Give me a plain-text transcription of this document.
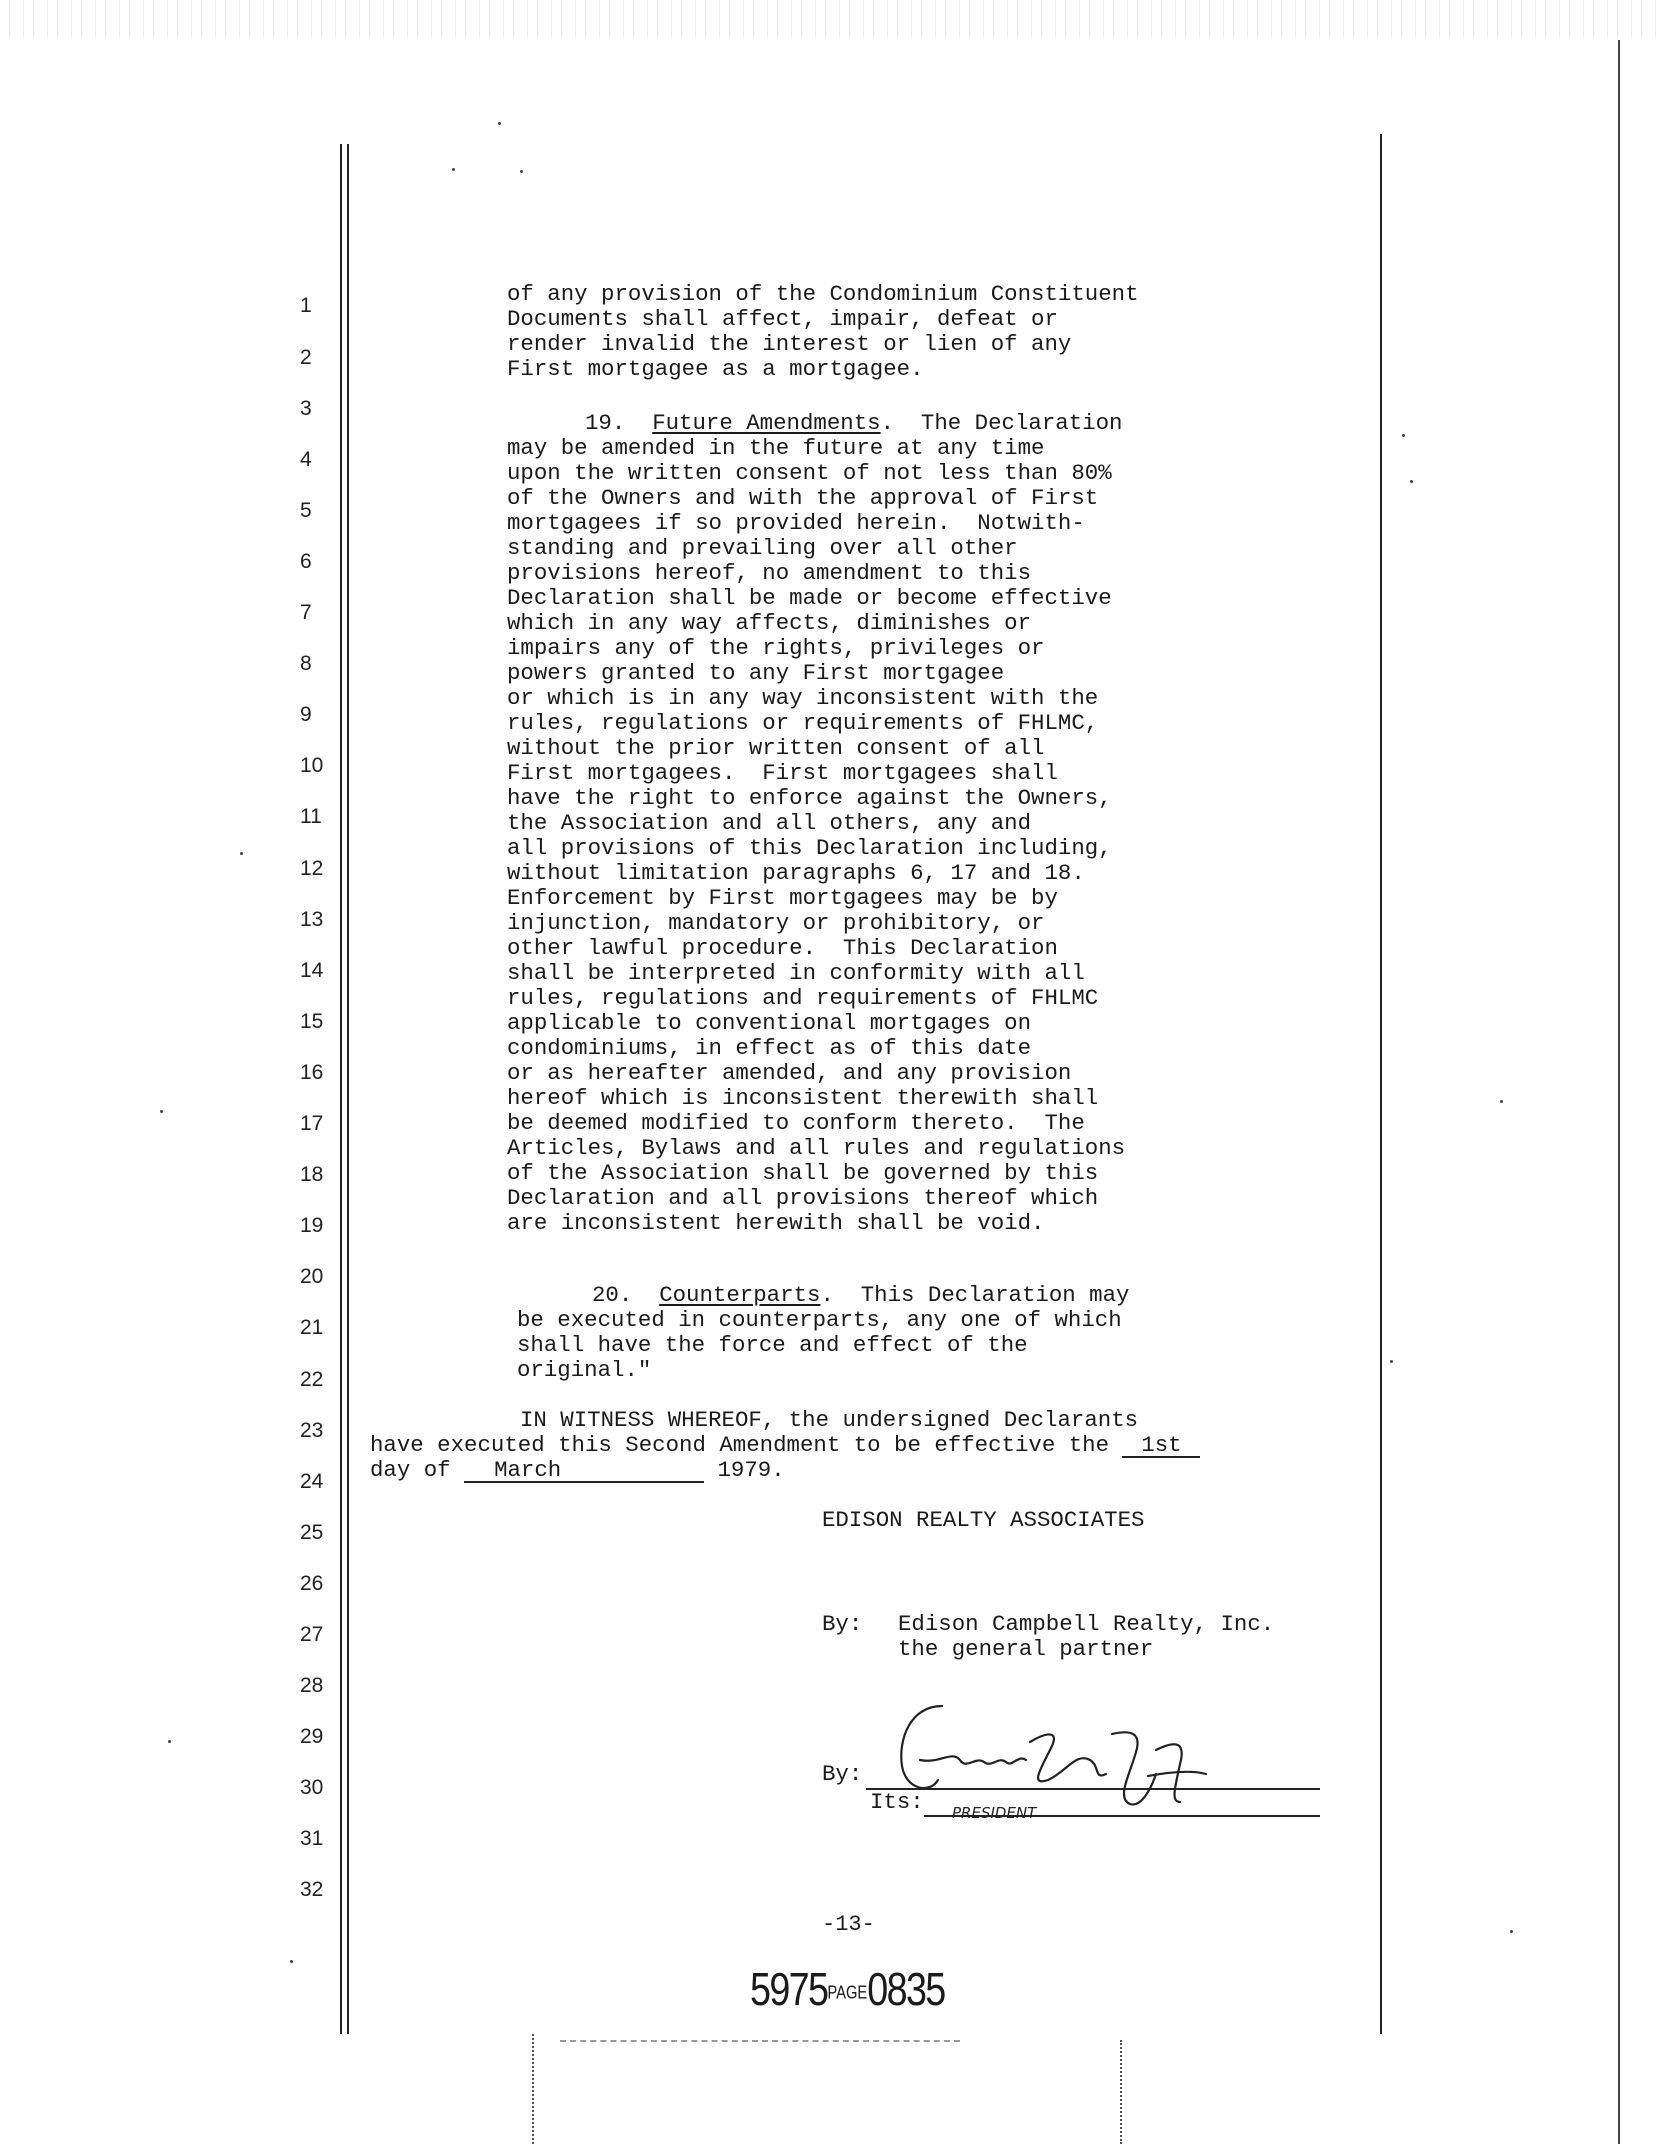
1
2
3
4
5
6
7
8
9
10
11
12
13
14
15
16
17
18
19
20
21
22
23
24
25
26
27
28
29
30
31
32
of any provision of the Condominium Constituent
Documents shall affect, impair, defeat or
render invalid the interest or lien of any
First mortgagee as a mortgagee.
19. Future Amendments.  The Declaration
may be amended in the future at any time
upon the written consent of not less than 80%
of the Owners and with the approval of First
mortgagees if so provided herein.  Notwith-
standing and prevailing over all other
provisions hereof, no amendment to this
Declaration shall be made or become effective
which in any way affects, diminishes or
impairs any of the rights, privileges or
powers granted to any First mortgagee
or which is in any way inconsistent with the
rules, regulations or requirements of FHLMC,
without the prior written consent of all
First mortgagees.  First mortgagees shall
have the right to enforce against the Owners,
the Association and all others, any and
all provisions of this Declaration including,
without limitation paragraphs 6, 17 and 18.
Enforcement by First mortgagees may be by
injunction, mandatory or prohibitory, or
other lawful procedure.  This Declaration
shall be interpreted in conformity with all
rules, regulations and requirements of FHLMC
applicable to conventional mortgages on
condominiums, in effect as of this date
or as hereafter amended, and any provision
hereof which is inconsistent therewith shall
be deemed modified to conform thereto.  The
Articles, Bylaws and all rules and regulations
of the Association shall be governed by this
Declaration and all provisions thereof which
are inconsistent herewith shall be void.
20. Counterparts.  This Declaration may
be executed in counterparts, any one of which
shall have the force and effect of the
original."
IN WITNESS WHEREOF, the undersigned Declarants
have executed this Second Amendment to be effective the 1st
day of March	1979.
EDISON REALTY ASSOCIATES
By: Edison Campbell Realty, Inc.
the general partner
By:
Its: PRESIDENT
-13-
5975PAGE0835
